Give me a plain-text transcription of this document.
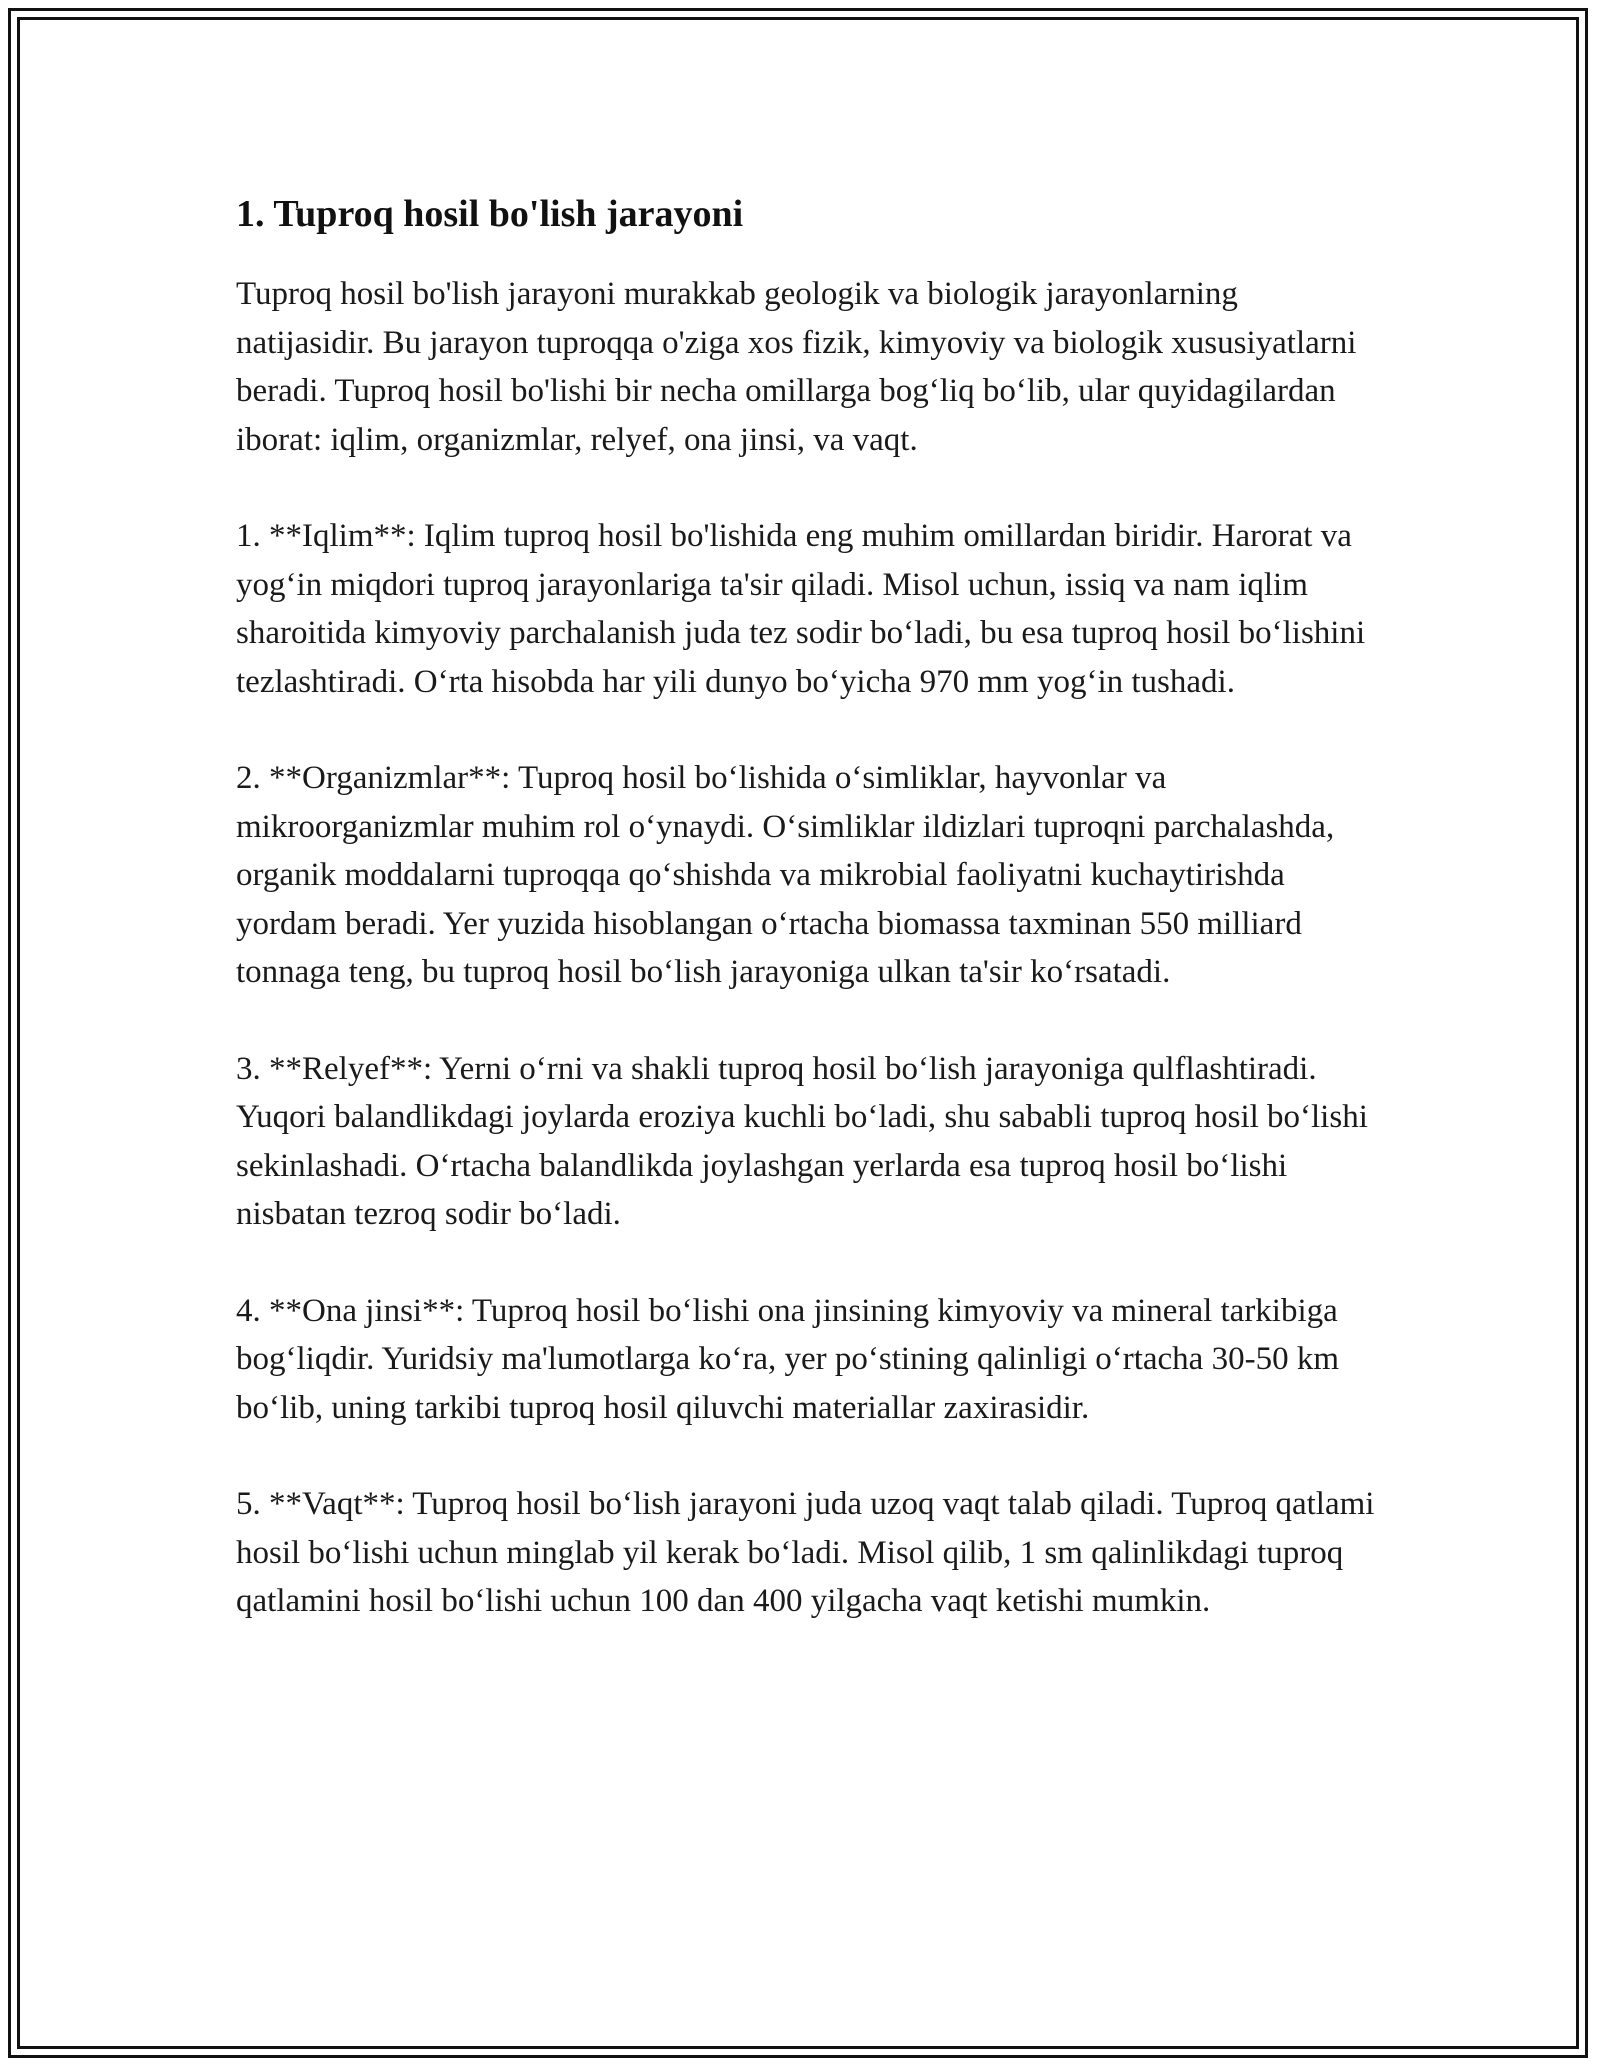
1. Tuproq hosil bo'lish jarayoni

Tuproq hosil bo'lish jarayoni murakkab geologik va biologik jarayonlarning natijasidir. Bu jarayon tuproqqa o'ziga xos fizik, kimyoviy va biologik xususiyatlarni beradi. Tuproq hosil bo'lishi bir necha omillarga bog‘liq bo‘lib, ular quyidagilardan iborat: iqlim, organizmlar, relyef, ona jinsi, va vaqt.

1. **Iqlim**: Iqlim tuproq hosil bo'lishida eng muhim omillardan biridir. Harorat va yog‘in miqdori tuproq jarayonlariga ta'sir qiladi. Misol uchun, issiq va nam iqlim sharoitida kimyoviy parchalanish juda tez sodir bo‘ladi, bu esa tuproq hosil bo‘lishini tezlashtiradi. O‘rta hisobda har yili dunyo bo‘yicha 970 mm yog‘in tushadi.

2. **Organizmlar**: Tuproq hosil bo‘lishida o‘simliklar, hayvonlar va mikroorganizmlar muhim rol o‘ynaydi. O‘simliklar ildizlari tuproqni parchalashda, organik moddalarni tuproqqa qo‘shishda va mikrobial faoliyatni kuchaytirishda yordam beradi. Yer yuzida hisoblangan o‘rtacha biomassa taxminan 550 milliard tonnaga teng, bu tuproq hosil bo‘lish jarayoniga ulkan ta'sir ko‘rsatadi.

3. **Relyef**: Yerni o‘rni va shakli tuproq hosil bo‘lish jarayoniga qulflashtiradi. Yuqori balandlikdagi joylarda eroziya kuchli bo‘ladi, shu sababli tuproq hosil bo‘lishi sekinlashadi. O‘rtacha balandlikda joylashgan yerlarda esa tuproq hosil bo‘lishi nisbatan tezroq sodir bo‘ladi.

4. **Ona jinsi**: Tuproq hosil bo‘lishi ona jinsining kimyoviy va mineral tarkibiga bog‘liqdir. Yuridsiy ma'lumotlarga ko‘ra, yer po‘stining qalinligi o‘rtacha 30-50 km bo‘lib, uning tarkibi tuproq hosil qiluvchi materiallar zaxirasidir.

5. **Vaqt**: Tuproq hosil bo‘lish jarayoni juda uzoq vaqt talab qiladi. Tuproq qatlami hosil bo‘lishi uchun minglab yil kerak bo‘ladi. Misol qilib, 1 sm qalinlikdagi tuproq qatlamini hosil bo‘lishi uchun 100 dan 400 yilgacha vaqt ketishi mumkin.
